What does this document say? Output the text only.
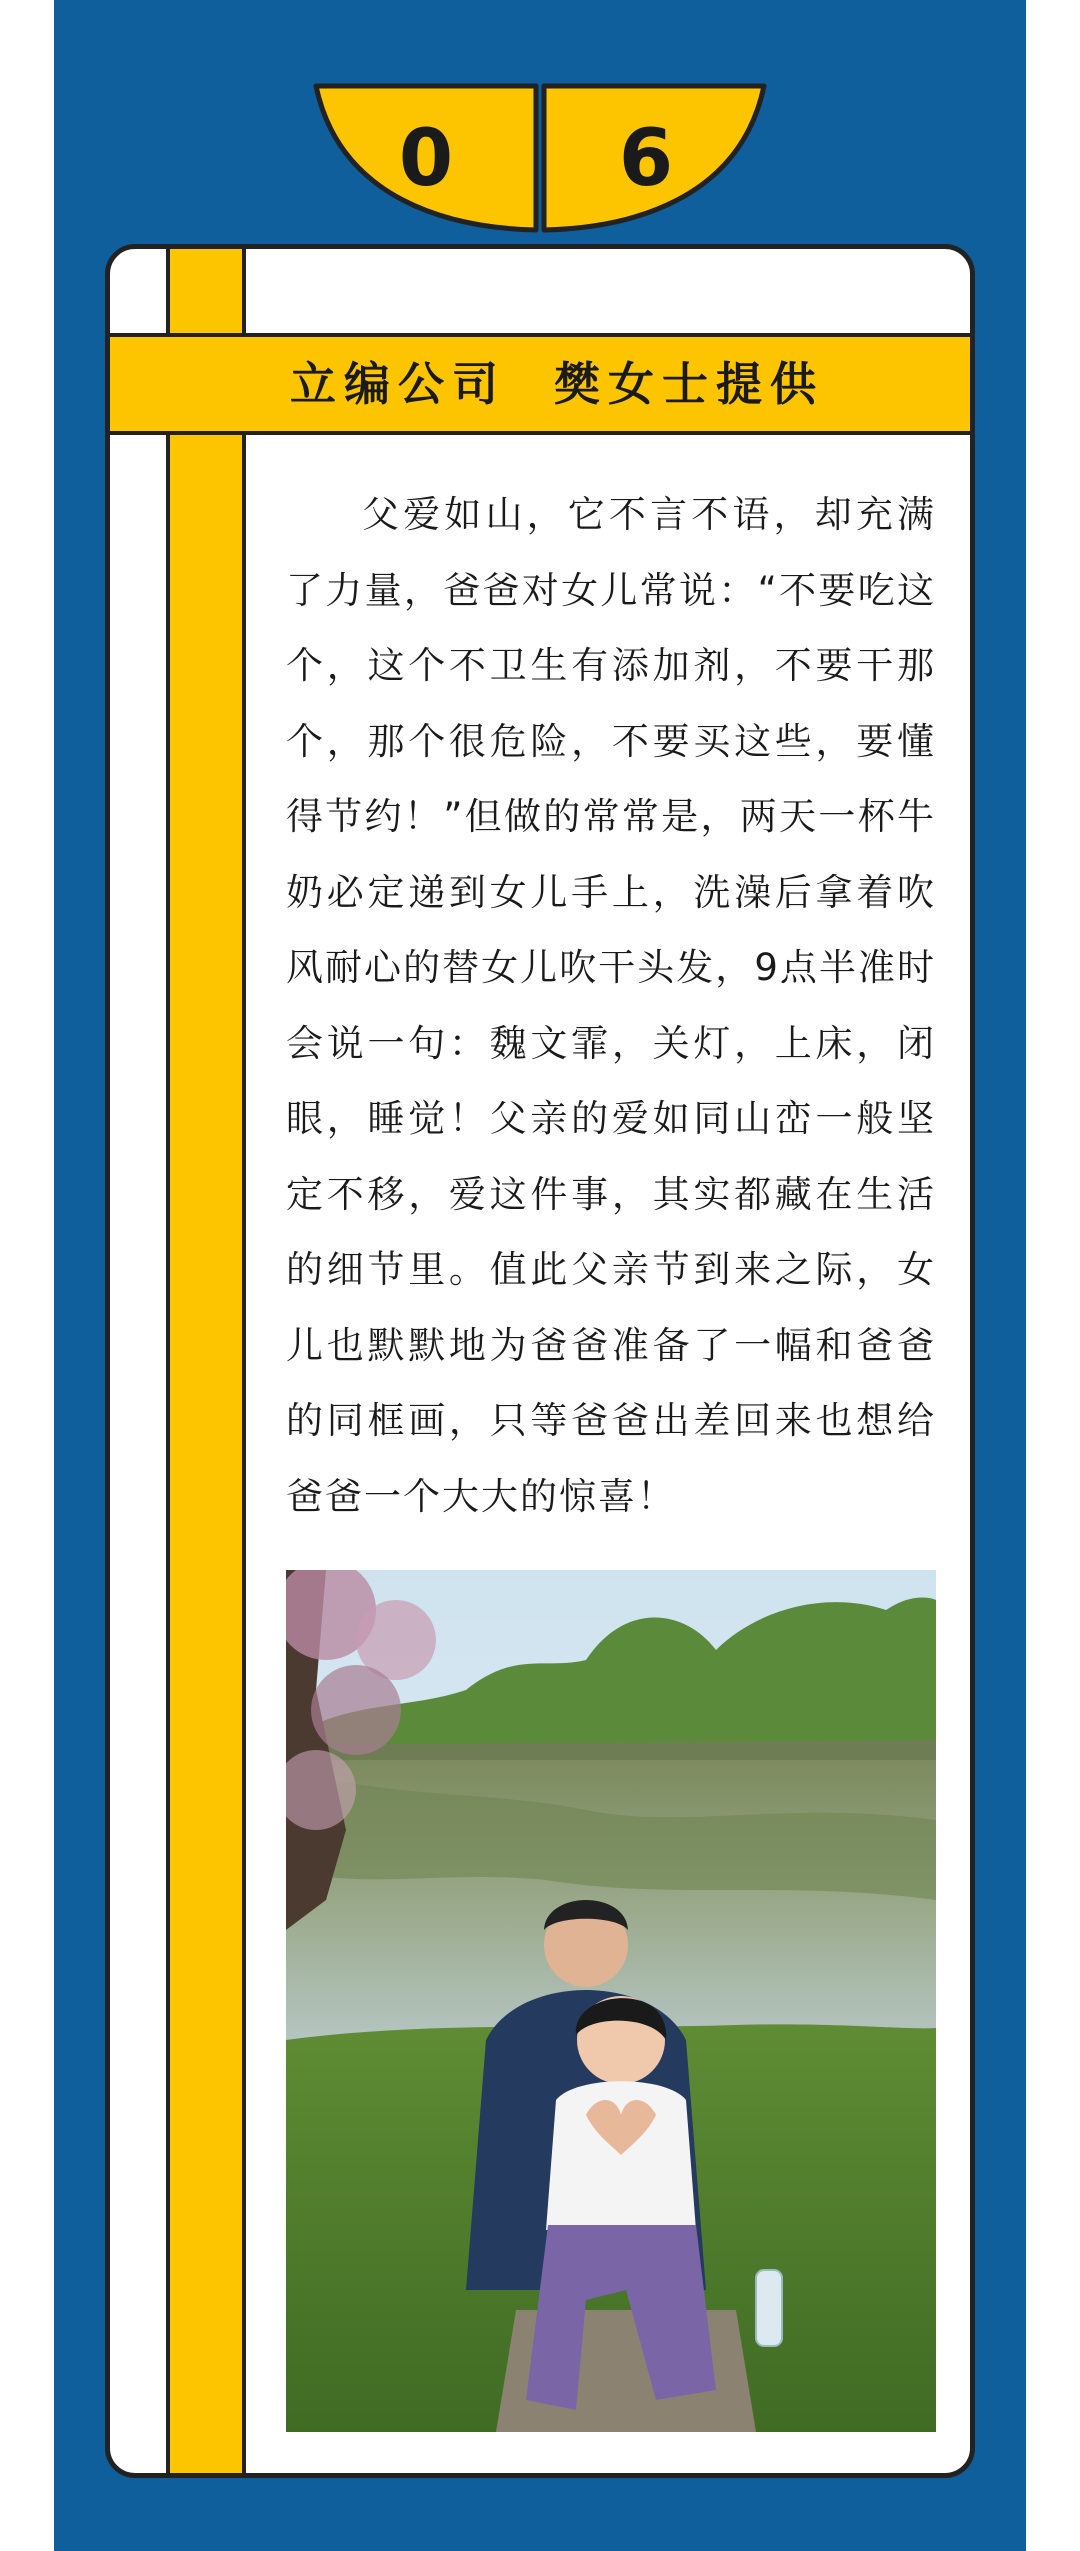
0 6
立编公司  樊女士提供

父爱如山，它不言不语，却充满了力量，爸爸对女儿常说：“不要吃这个，这个不卫生有添加剂，不要干那个，那个很危险，不要买这些，要懂得节约！”但做的常常是，两天一杯牛奶必定递到女儿手上，洗澡后拿着吹风耐心的替女儿吹干头发，9点半准时会说一句：魏文霏，关灯，上床，闭眼，睡觉！父亲的爱如同山峦一般坚定不移，爱这件事，其实都藏在生活的细节里。值此父亲节到来之际，女儿也默默地为爸爸准备了一幅和爸爸的同框画，只等爸爸出差回来也想给爸爸一个大大的惊喜！
